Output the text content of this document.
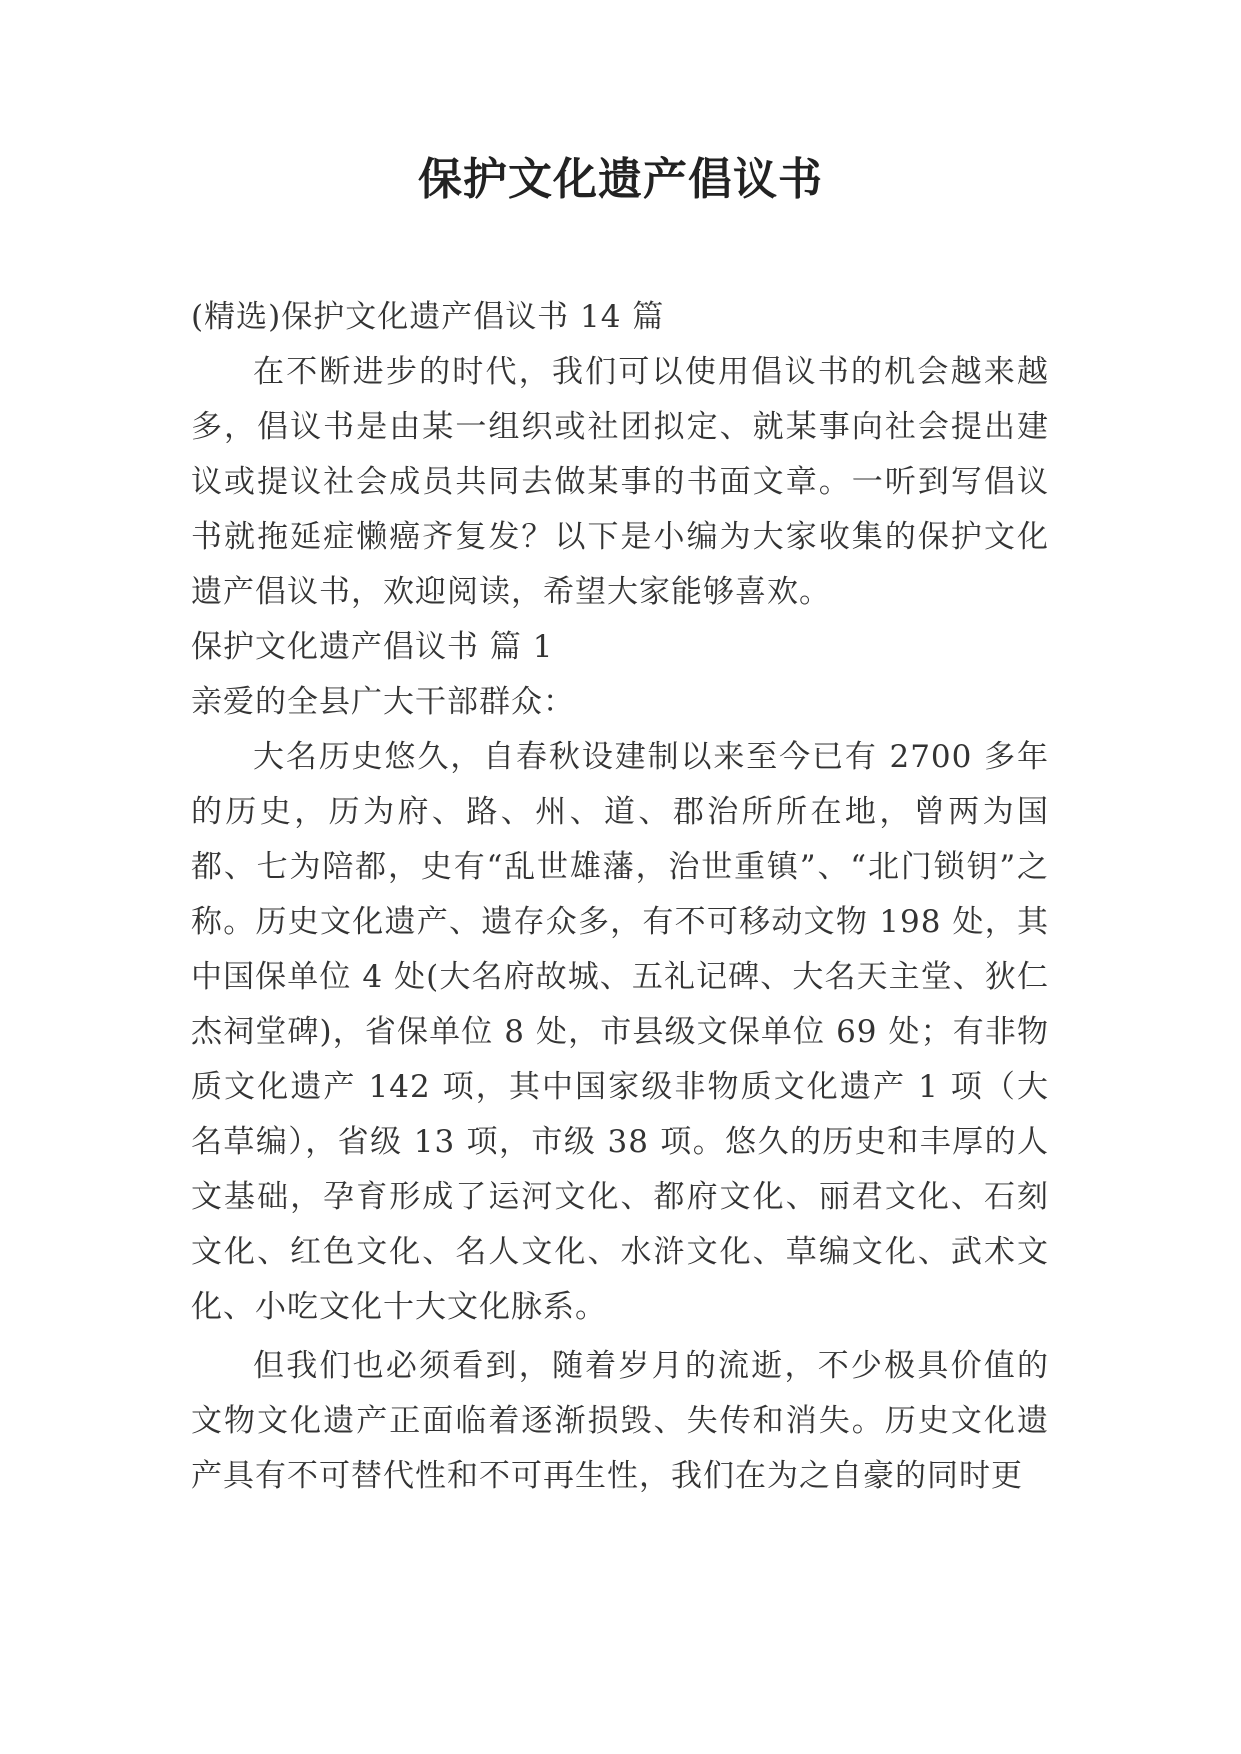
保护文化遗产倡议书

(精选)保护文化遗产倡议书 14 篇

在不断进步的时代，我们可以使用倡议书的机会越来越多，倡议书是由某一组织或社团拟定、就某事向社会提出建议或提议社会成员共同去做某事的书面文章。一听到写倡议书就拖延症懒癌齐复发？以下是小编为大家收集的保护文化遗产倡议书，欢迎阅读，希望大家能够喜欢。

保护文化遗产倡议书 篇 1

亲爱的全县广大干部群众：

大名历史悠久，自春秋设建制以来至今已有 2700 多年的历史，历为府、路、州、道、郡治所所在地，曾两为国都、七为陪都，史有“乱世雄藩，治世重镇”、“北门锁钥”之称。历史文化遗产、遗存众多，有不可移动文物 198 处，其中国保单位 4 处(大名府故城、五礼记碑、大名天主堂、狄仁杰祠堂碑)，省保单位 8 处，市县级文保单位 69 处；有非物质文化遗产 142 项，其中国家级非物质文化遗产 1 项（大名草编），省级 13 项，市级 38 项。悠久的历史和丰厚的人文基础，孕育形成了运河文化、都府文化、丽君文化、石刻文化、红色文化、名人文化、水浒文化、草编文化、武术文化、小吃文化十大文化脉系。

但我们也必须看到，随着岁月的流逝，不少极具价值的文物文化遗产正面临着逐渐损毁、失传和消失。历史文化遗产具有不可替代性和不可再生性，我们在为之自豪的同时更
